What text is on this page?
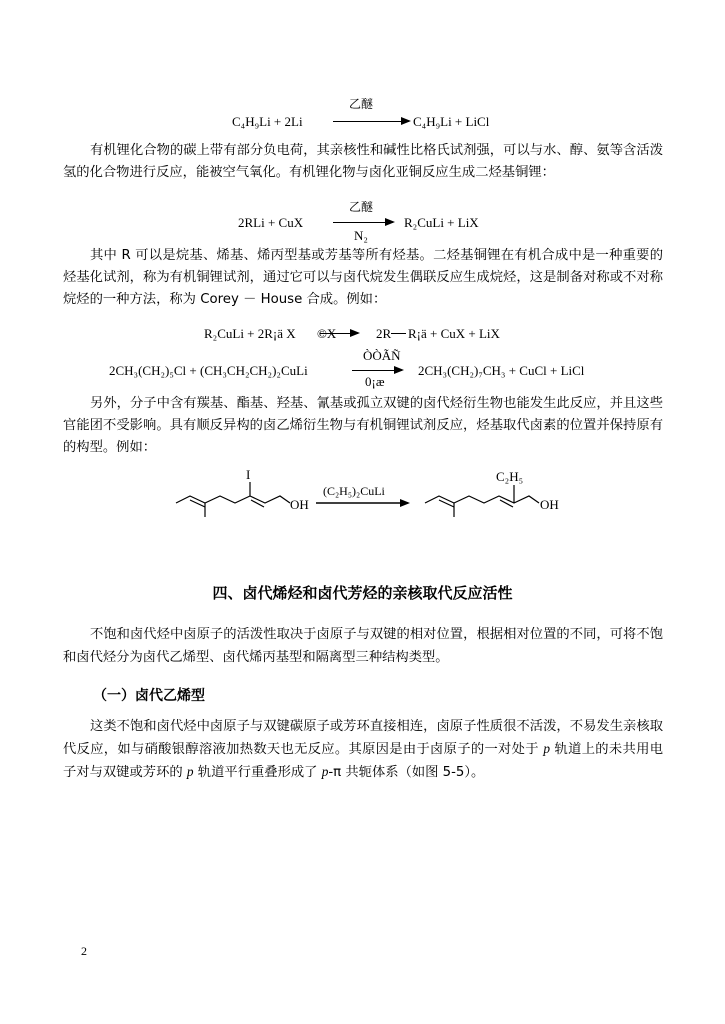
C₄H₉Li + 2Li
乙醚
C₄H₉Li + LiCl
有机锂化合物的碳上带有部分负电荷，其亲核性和碱性比格氏试剂强，可以与水、醇、氨等含活泼氢的化合物进行反应，能被空气氧化。有机锂化物与卤化亚铜反应生成二烃基铜锂：
2RLi + CuX
乙醚
N₂
R₂CuLi + LiX
其中 R 可以是烷基、烯基、烯丙型基或芳基等所有烃基。二烃基铜锂在有机合成中是一种重要的烃基化试剂，称为有机铜锂试剂，通过它可以与卤代烷发生偶联反应生成烷烃，这是制备对称或不对称烷烃的一种方法，称为 Corey － House 合成。例如：
R₂CuLi + 2R¡ä X ©X	2R R¡ä + CuX + LiX
2CH₃(CH₂)₅Cl + (CH₃CH₂CH₂)₂CuLi
ÒÒÃÑ
0¡æ
2CH₃(CH₂)₇CH₃ + CuCl + LiCl
另外，分子中含有羰基、酯基、羟基、氰基或孤立双键的卤代烃衍生物也能发生此反应，并且这些官能团不受影响。具有顺反异构的卤乙烯衍生物与有机铜锂试剂反应，烃基取代卤素的位置并保持原有的构型。例如：
I
OH
(C₂H₅)₂CuLi
C₂H₅
OH
四、卤代烯烃和卤代芳烃的亲核取代反应活性
不饱和卤代烃中卤原子的活泼性取决于卤原子与双键的相对位置，根据相对位置的不同，可将不饱和卤代烃分为卤代乙烯型、卤代烯丙基型和隔离型三种结构类型。
（一）卤代乙烯型
这类不饱和卤代烃中卤原子与双键碳原子或芳环直接相连，卤原子性质很不活泼，不易发生亲核取代反应，如与硝酸银醇溶液加热数天也无反应。其原因是由于卤原子的一对处于 p 轨道上的未共用电子对与双键或芳环的 p 轨道平行重叠形成了 p-π 共轭体系（如图 5-5）。
2
